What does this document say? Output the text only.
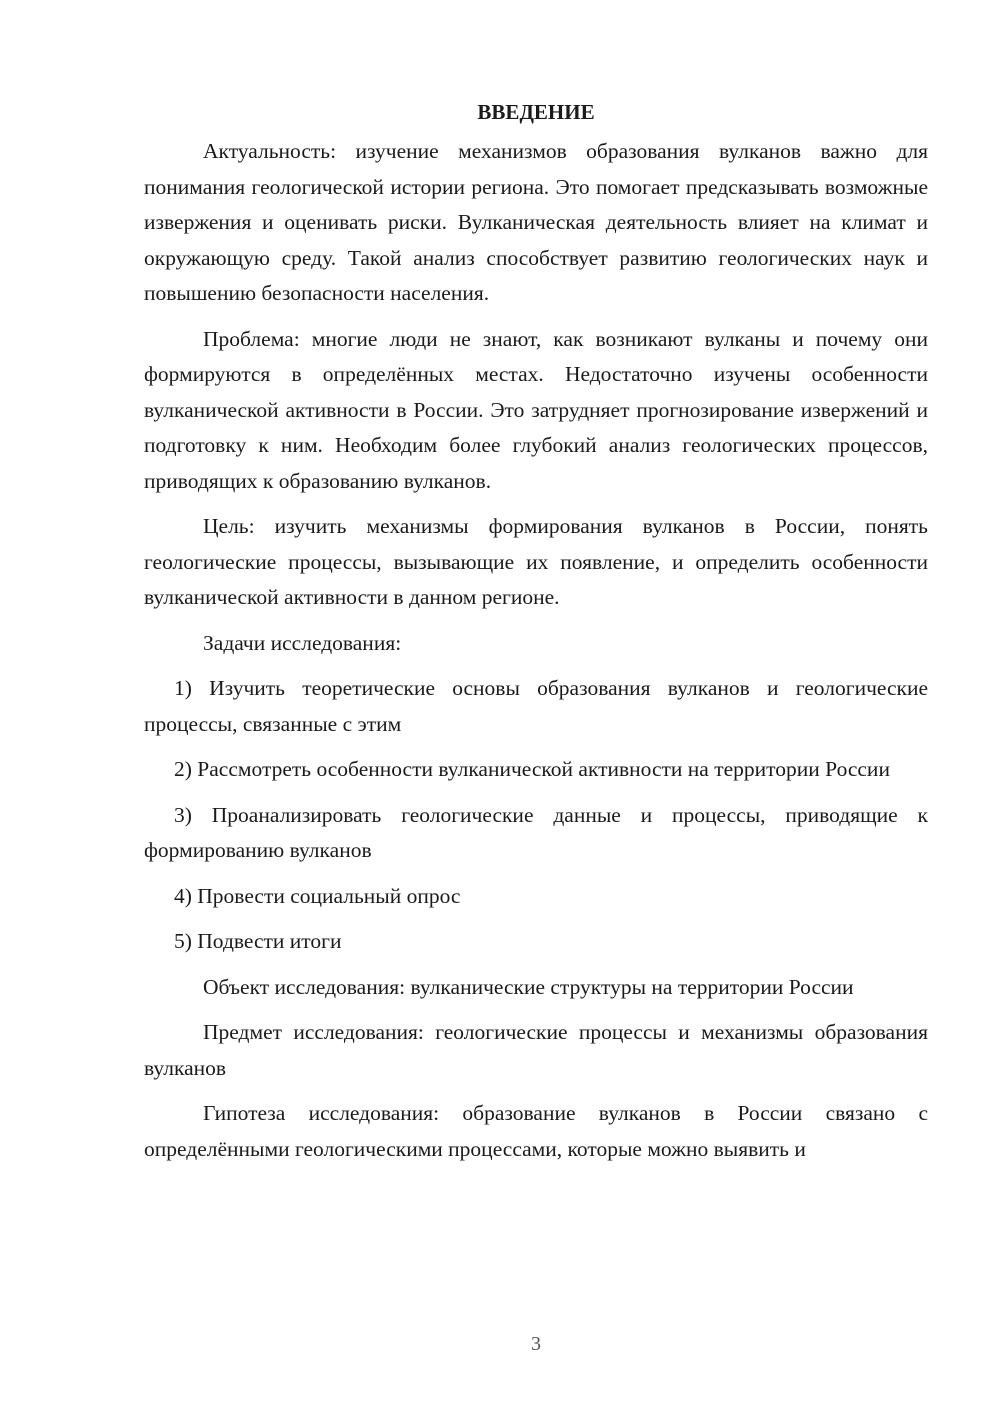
ВВЕДЕНИЕ

Актуальность: изучение механизмов образования вулканов важно для понимания геологической истории региона. Это помогает предсказывать возможные извержения и оценивать риски. Вулканическая деятельность влияет на климат и окружающую среду. Такой анализ способствует развитию геологических наук и повышению безопасности населения.

Проблема: многие люди не знают, как возникают вулканы и почему они формируются в определённых местах. Недостаточно изучены особенности вулканической активности в России. Это затрудняет прогнозирование извержений и подготовку к ним. Необходим более глубокий анализ геологических процессов, приводящих к образованию вулканов.

Цель: изучить механизмы формирования вулканов в России, понять геологические процессы, вызывающие их появление, и определить особенности вулканической активности в данном регионе.

Задачи исследования:

1) Изучить теоретические основы образования вулканов и геологические процессы, связанные с этим

2) Рассмотреть особенности вулканической активности на территории России

3) Проанализировать геологические данные и процессы, приводящие к формированию вулканов

4) Провести социальный опрос

5) Подвести итоги

Объект исследования: вулканические структуры на территории России

Предмет исследования: геологические процессы и механизмы образования вулканов

Гипотеза исследования: образование вулканов в России связано с определёнными геологическими процессами, которые можно выявить и

3
